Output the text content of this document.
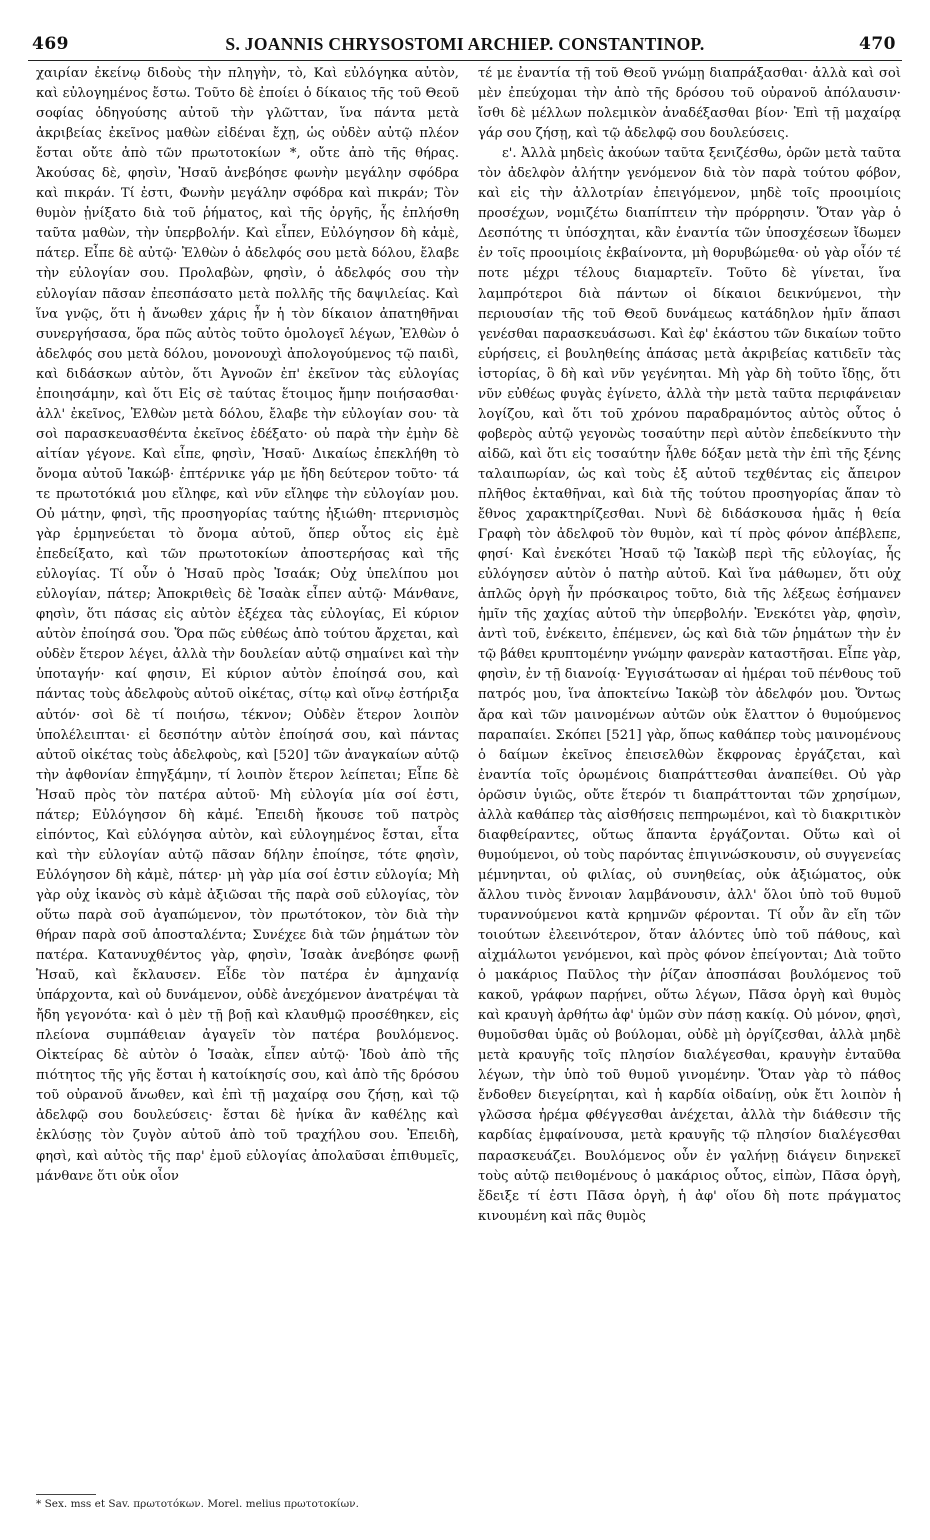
469	S. JOANNIS CHRYSOSTOMI ARCHIEP. CONSTANTINOP.	470

χαιρίαν ἐκείνῳ διδοὺς τὴν πληγὴν, τὸ, Καὶ εὐλόγηκα αὐτὸν, καὶ εὐλογημένος ἔστω. Τοῦτο δὲ ἐποίει ὁ δίκαιος τῆς τοῦ Θεοῦ σοφίας ὁδηγούσης αὐτοῦ τὴν γλῶτταν, ἵνα πάντα μετὰ ἀκριβείας ἐκεῖνος μαθὼν εἰδέναι ἔχῃ, ὡς οὐδὲν αὐτῷ πλέον ἔσται οὔτε ἀπὸ τῶν πρωτοτοκίων *, οὔτε ἀπὸ τῆς θήρας. Ἀκούσας δὲ, φησὶν, Ἠσαῦ ἀνεβόησε φωνὴν μεγάλην σφόδρα καὶ πικράν. Τί ἐστι, Φωνὴν μεγάλην σφόδρα καὶ πικράν; Τὸν θυμὸν ᾐνίξατο διὰ τοῦ ῥήματος, καὶ τῆς ὀργῆς, ἧς ἐπλήσθη ταῦτα μαθὼν, τὴν ὑπερβολήν. Καὶ εἶπεν, Εὐλόγησον δὴ κἀμὲ, πάτερ. Εἶπε δὲ αὐτῷ· Ἐλθὼν ὁ ἀδελφός σου μετὰ δόλου, ἔλαβε τὴν εὐλογίαν σου. Προλαβὼν, φησὶν, ὁ ἀδελφός σου τὴν εὐλογίαν πᾶσαν ἐπεσπάσατο μετὰ πολλῆς τῆς δαψιλείας. Καὶ ἵνα γνῷς, ὅτι ἡ ἄνωθεν χάρις ἦν ἡ τὸν δίκαιον ἀπατηθῆναι συνεργήσασα, ὅρα πῶς αὐτὸς τοῦτο ὁμολογεῖ λέγων, Ἐλθὼν ὁ ἀδελφός σου μετὰ δόλου, μονονουχὶ ἀπολογούμενος τῷ παιδὶ, καὶ διδάσκων αὐτὸν, ὅτι Ἀγνοῶν ἐπ' ἐκεῖνον τὰς εὐλογίας ἐποιησάμην, καὶ ὅτι Εἰς σὲ ταύτας ἕτοιμος ἤμην ποιήσασθαι· ἀλλ' ἐκεῖνος, Ἐλθὼν μετὰ δόλου, ἔλαβε τὴν εὐλογίαν σου· τὰ σοὶ παρασκευασθέντα ἐκεῖνος ἐδέξατο· οὐ παρὰ τὴν ἐμὴν δὲ αἰτίαν γέγονε. Καὶ εἶπε, φησὶν, Ἠσαῦ· Δικαίως ἐπεκλήθη τὸ ὄνομα αὐτοῦ Ἰακώβ· ἐπτέρνικε γάρ με ἤδη δεύτερον τοῦτο· τά τε πρωτοτόκιά μου εἴληφε, καὶ νῦν εἴληφε τὴν εὐλογίαν μου. Οὐ μάτην, φησὶ, τῆς προσηγορίας ταύτης ἠξιώθη· πτερνισμὸς γὰρ ἑρμηνεύεται τὸ ὄνομα αὐτοῦ, ὅπερ οὗτος εἰς ἐμὲ ἐπεδείξατο, καὶ τῶν πρωτοτοκίων ἀποστερήσας καὶ τῆς εὐλογίας. Τί οὖν ὁ Ἠσαῦ πρὸς Ἰσαάκ; Οὐχ ὑπελίπου μοι εὐλογίαν, πάτερ; Ἀποκριθεὶς δὲ Ἰσαὰκ εἶπεν αὐτῷ· Μάνθανε, φησὶν, ὅτι πάσας εἰς αὐτὸν ἐξέχεα τὰς εὐλογίας, Εἰ κύριον αὐτὸν ἐποίησά σου. Ὅρα πῶς εὐθέως ἀπὸ τούτου ἄρχεται, καὶ οὐδὲν ἕτερον λέγει, ἀλλὰ τὴν δουλείαν αὐτῷ σημαίνει καὶ τὴν ὑποταγήν· καί φησιν, Εἰ κύριον αὐτὸν ἐποίησά σου, καὶ πάντας τοὺς ἀδελφοὺς αὐτοῦ οἰκέτας, σίτῳ καὶ οἴνῳ ἐστήριξα αὐτόν· σοὶ δὲ τί ποιήσω, τέκνον; Οὐδὲν ἕτερον λοιπὸν ὑπολέλειπται· εἰ δεσπότην αὐτὸν ἐποίησά σου, καὶ πάντας αὐτοῦ οἰκέτας τοὺς ἀδελφοὺς, καὶ [520] τῶν ἀναγκαίων αὐτῷ τὴν ἀφθονίαν ἐπηγξάμην, τί λοιπὸν ἕτερον λείπεται; Εἶπε δὲ Ἠσαῦ πρὸς τὸν πατέρα αὐτοῦ· Μὴ εὐλογία μία σοί ἐστι, πάτερ; Εὐλόγησον δὴ κἀμέ. Ἐπειδὴ ἤκουσε τοῦ πατρὸς εἰπόντος, Καὶ εὐλόγησα αὐτὸν, καὶ εὐλογημένος ἔσται, εἶτα καὶ τὴν εὐλογίαν αὐτῷ πᾶσαν δήλην ἐποίησε, τότε φησὶν, Εὐλόγησον δὴ κἀμὲ, πάτερ· μὴ γὰρ μία σοί ἐστιν εὐλογία; Μὴ γὰρ οὐχ ἱκανὸς σὺ κἀμὲ ἀξιῶσαι τῆς παρὰ σοῦ εὐλογίας, τὸν οὕτω παρὰ σοῦ ἀγαπώμενον, τὸν πρωτότοκον, τὸν διὰ τὴν θήραν παρὰ σοῦ ἀποσταλέντα; Συνέχεε διὰ τῶν ῥημάτων τὸν πατέρα. Κατανυχθέντος γὰρ, φησὶν, Ἰσαὰκ ἀνεβόησε φωνῇ Ἠσαῦ, καὶ ἔκλαυσεν. Εἶδε τὸν πατέρα ἐν ἀμηχανίᾳ ὑπάρχοντα, καὶ οὐ δυνάμενον, οὐδὲ ἀνεχόμενον ἀνατρέψαι τὰ ἤδη γεγονότα· καὶ ὁ μὲν τῇ βοῇ καὶ κλαυθμῷ προσέθηκεν, εἰς πλείονα συμπάθειαν ἀγαγεῖν τὸν πατέρα βουλόμενος. Οἰκτείρας δὲ αὐτὸν ὁ Ἰσαὰκ, εἶπεν αὐτῷ· Ἰδοὺ ἀπὸ τῆς πιότητος τῆς γῆς ἔσται ἡ κατοίκησίς σου, καὶ ἀπὸ τῆς δρόσου τοῦ οὐρανοῦ ἄνωθεν, καὶ ἐπὶ τῇ μαχαίρᾳ σου ζήσῃ, καὶ τῷ ἀδελφῷ σου δουλεύσεις· ἔσται δὲ ἡνίκα ἂν καθέλῃς καὶ ἐκλύσῃς τὸν ζυγὸν αὐτοῦ ἀπὸ τοῦ τραχήλου σου. Ἐπειδὴ, φησὶ, καὶ αὐτὸς τῆς παρ' ἐμοῦ εὐλογίας ἀπολαῦσαι ἐπιθυμεῖς, μάνθανε ὅτι οὐκ οἶον

τέ με ἐναντία τῇ τοῦ Θεοῦ γνώμῃ διαπράξασθαι· ἀλλὰ καὶ σοὶ μὲν ἐπεύχομαι τὴν ἀπὸ τῆς δρόσου τοῦ οὐρανοῦ ἀπόλαυσιν· ἴσθι δὲ μέλλων πολεμικὸν ἀναδέξασθαι βίον· Ἐπὶ τῇ μαχαίρᾳ γάρ σου ζήσῃ, καὶ τῷ ἀδελφῷ σου δουλεύσεις.

ε'. Ἀλλὰ μηδεὶς ἀκούων ταῦτα ξενιζέσθω, ὁρῶν μετὰ ταῦτα τὸν ἀδελφὸν ἀλήτην γενόμενον διὰ τὸν παρὰ τούτου φόβον, καὶ εἰς τὴν ἀλλοτρίαν ἐπειγόμενον, μηδὲ τοῖς προοιμίοις προσέχων, νομιζέτω διαπίπτειν τὴν πρόρρησιν. Ὅταν γὰρ ὁ Δεσπότης τι ὑπόσχηται, κἂν ἐναντία τῶν ὑποσχέσεων ἴδωμεν ἐν τοῖς προοιμίοις ἐκβαίνοντα, μὴ θορυβώμεθα· οὐ γὰρ οἷόν τέ ποτε μέχρι τέλους διαμαρτεῖν. Τοῦτο δὲ γίνεται, ἵνα λαμπρότεροι διὰ πάντων οἱ δίκαιοι δεικνύμενοι, τὴν περιουσίαν τῆς τοῦ Θεοῦ δυνάμεως κατάδηλον ἡμῖν ἅπασι γενέσθαι παρασκευάσωσι. Καὶ ἐφ' ἑκάστου τῶν δικαίων τοῦτο εὑρήσεις, εἰ βουληθείης ἁπάσας μετὰ ἀκριβείας κατιδεῖν τὰς ἱστορίας, ὃ δὴ καὶ νῦν γεγένηται. Μὴ γὰρ δὴ τοῦτο ἴδῃς, ὅτι νῦν εὐθέως φυγὰς ἐγίνετο, ἀλλὰ τὴν μετὰ ταῦτα περιφάνειαν λογίζου, καὶ ὅτι τοῦ χρόνου παραδραμόντος αὐτὸς οὗτος ὁ φοβερὸς αὐτῷ γεγονὼς τοσαύτην περὶ αὐτὸν ἐπεδείκνυτο τὴν αἰδῶ, καὶ ὅτι εἰς τοσαύτην ἦλθε δόξαν μετὰ τὴν ἐπὶ τῆς ξένης ταλαιπωρίαν, ὡς καὶ τοὺς ἐξ αὐτοῦ τεχθέντας εἰς ἄπειρον πλῆθος ἐκταθῆναι, καὶ διὰ τῆς τούτου προσηγορίας ἅπαν τὸ ἔθνος χαρακτηρίζεσθαι. Νυνὶ δὲ διδάσκουσα ἡμᾶς ἡ θεία Γραφὴ τὸν ἀδελφοῦ τὸν θυμὸν, καὶ τί πρὸς φόνον ἀπέβλεπε, φησί· Καὶ ἐνεκότει Ἠσαῦ τῷ Ἰακὼβ περὶ τῆς εὐλογίας, ἧς εὐλόγησεν αὐτὸν ὁ πατὴρ αὐτοῦ. Καὶ ἵνα μάθωμεν, ὅτι οὐχ ἁπλῶς ὀργὴ ἦν πρόσκαιρος τοῦτο, διὰ τῆς λέξεως ἐσήμανεν ἡμῖν τῆς χαχίας αὐτοῦ τὴν ὑπερβολήν. Ἐνεκότει γὰρ, φησὶν, ἀντὶ τοῦ, ἐνέκειτο, ἐπέμενεν, ὡς καὶ διὰ τῶν ῥημάτων τὴν ἐν τῷ βάθει κρυπτομένην γνώμην φανερὰν καταστῆσαι. Εἶπε γὰρ, φησὶν, ἐν τῇ διανοίᾳ· Ἐγγισάτωσαν αἱ ἡμέραι τοῦ πένθους τοῦ πατρός μου, ἵνα ἀποκτείνω Ἰακὼβ τὸν ἀδελφόν μου. Ὄντως ἄρα καὶ τῶν μαινομένων αὐτῶν οὐκ ἔλαττον ὁ θυμούμενος παραπαίει. Σκόπει [521] γὰρ, ὅπως καθάπερ τοὺς μαινομένους ὁ δαίμων ἐκεῖνος ἐπεισελθὼν ἔκφρονας ἐργάζεται, καὶ ἐναντία τοῖς ὁρωμένοις διαπράττεσθαι ἀναπείθει. Οὐ γὰρ ὁρῶσιν ὑγιῶς, οὔτε ἕτερόν τι διαπράττονται τῶν χρησίμων, ἀλλὰ καθάπερ τὰς αἰσθήσεις πεπηρωμένοι, καὶ τὸ διακριτικὸν διαφθείραντες, οὕτως ἅπαντα ἐργάζονται. Οὕτω καὶ οἱ θυμούμενοι, οὐ τοὺς παρόντας ἐπιγινώσκουσιν, οὐ συγγενείας μέμνηνται, οὐ φιλίας, οὐ συνηθείας, οὐκ ἀξιώματος, οὐκ ἄλλου τινὸς ἔννοιαν λαμβάνουσιν, ἀλλ' ὅλοι ὑπὸ τοῦ θυμοῦ τυραννούμενοι κατὰ κρημνῶν φέρονται. Τί οὖν ἂν εἴη τῶν τοιούτων ἐλεεινότερον, ὅταν ἁλόντες ὑπὸ τοῦ πάθους, καὶ αἰχμάλωτοι γενόμενοι, καὶ πρὸς φόνον ἐπείγονται; Διὰ τοῦτο ὁ μακάριος Παῦλος τὴν ῥίζαν ἀποσπάσαι βουλόμενος τοῦ κακοῦ, γράφων παρῄνει, οὕτω λέγων, Πᾶσα ὀργὴ καὶ θυμὸς καὶ κραυγὴ ἀρθήτω ἀφ' ὑμῶν σὺν πάσῃ κακίᾳ. Οὐ μόνον, φησὶ, θυμοῦσθαι ὑμᾶς οὐ βούλομαι, οὐδὲ μὴ ὀργίζεσθαι, ἀλλὰ μηδὲ μετὰ κραυγῆς τοῖς πλησίον διαλέγεσθαι, κραυγὴν ἐνταῦθα λέγων, τὴν ὑπὸ τοῦ θυμοῦ γινομένην. Ὅταν γὰρ τὸ πάθος ἔνδοθεν διεγείρηται, καὶ ἡ καρδία οἰδαίνῃ, οὐκ ἔτι λοιπὸν ἡ γλῶσσα ἠρέμα φθέγγεσθαι ἀνέχεται, ἀλλὰ τὴν διάθεσιν τῆς καρδίας ἐμφαίνουσα, μετὰ κραυγῆς τῷ πλησίον διαλέγεσθαι παρασκευάζει. Βουλόμενος οὖν ἐν γαλήνῃ διάγειν διηνεκεῖ τοὺς αὐτῷ πειθομένους ὁ μακάριος οὗτος, εἰπὼν, Πᾶσα ὀργὴ, ἔδειξε τί ἐστι Πᾶσα ὀργὴ, ἡ ἀφ' οἵου δὴ ποτε πράγματος κινουμένη καὶ πᾶς θυμὸς

* Sex. mss et Sav. πρωτοτόκων. Morel. melius πρωτοτοκίων.
